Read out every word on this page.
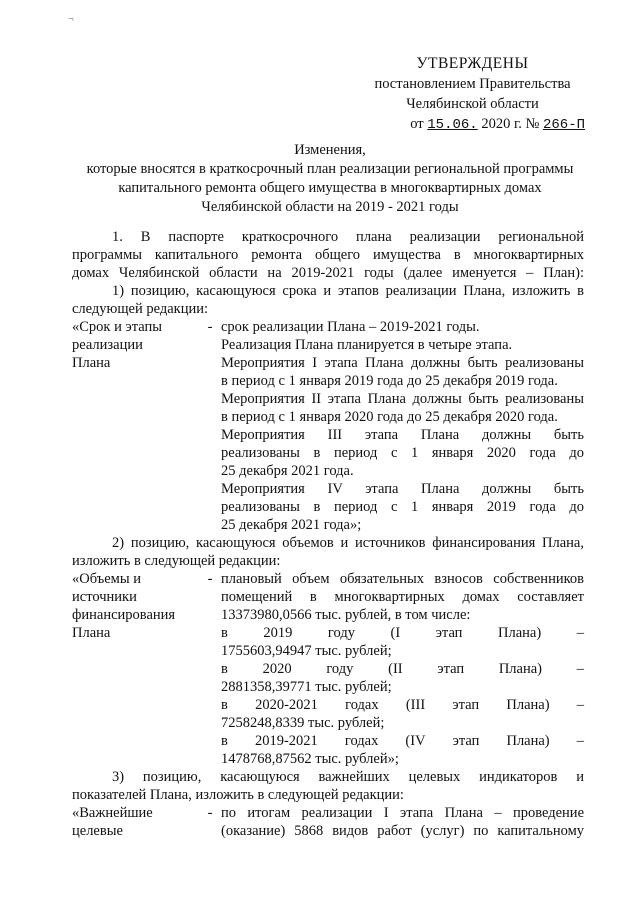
¬
УТВЕРЖДЕНЫ
постановлением Правительства
Челябинской области
от 15.06. 2020 г. № 266-П
Изменения,
которые вносятся в краткосрочный план реализации региональной программы
капитального ремонта общего имущества в многоквартирных домах
Челябинской области на 2019 - 2021 годы
1. В паспорте краткосрочного плана реализации региональной
программы капитального ремонта общего имущества в многоквартирных
домах Челябинской области на 2019-2021 годы (далее именуется – План):
1) позицию, касающуюся срока и этапов реализации Плана, изложить в
следующей редакции:
«Срок и этапы
реализации
Плана
- срок реализации Плана – 2019-2021 годы.
Реализация Плана планируется в четыре этапа.
Мероприятия I этапа Плана должны быть реализованы
в период с 1 января 2019 года до 25 декабря 2019 года.
Мероприятия II этапа Плана должны быть реализованы
в период с 1 января 2020 года до 25 декабря 2020 года.
Мероприятия III этапа Плана должны быть
реализованы в период с 1 января 2020 года до
25 декабря 2021 года.
Мероприятия IV этапа Плана должны быть
реализованы в период с 1 января 2019 года до
25 декабря 2021 года»;
2) позицию, касающуюся объемов и источников финансирования Плана,
изложить в следующей редакции:
«Объемы и
источники
финансирования
Плана
- плановый объем обязательных взносов собственников
помещений в многоквартирных домах составляет
13373980,0566 тыс. рублей, в том числе:
в 2019 году (I этап Плана) –
1755603,94947 тыс. рублей;
в 2020 году (II этап Плана) –
2881358,39771 тыс. рублей;
в 2020-2021 годах (III этап Плана) –
7258248,8339 тыс. рублей;
в 2019-2021 годах (IV этап Плана) –
1478768,87562 тыс. рублей»;
3) позицию, касающуюся важнейших целевых индикаторов и
показателей Плана, изложить в следующей редакции:
«Важнейшие
целевые
- по итогам реализации I этапа Плана – проведение
(оказание) 5868 видов работ (услуг) по капитальному
